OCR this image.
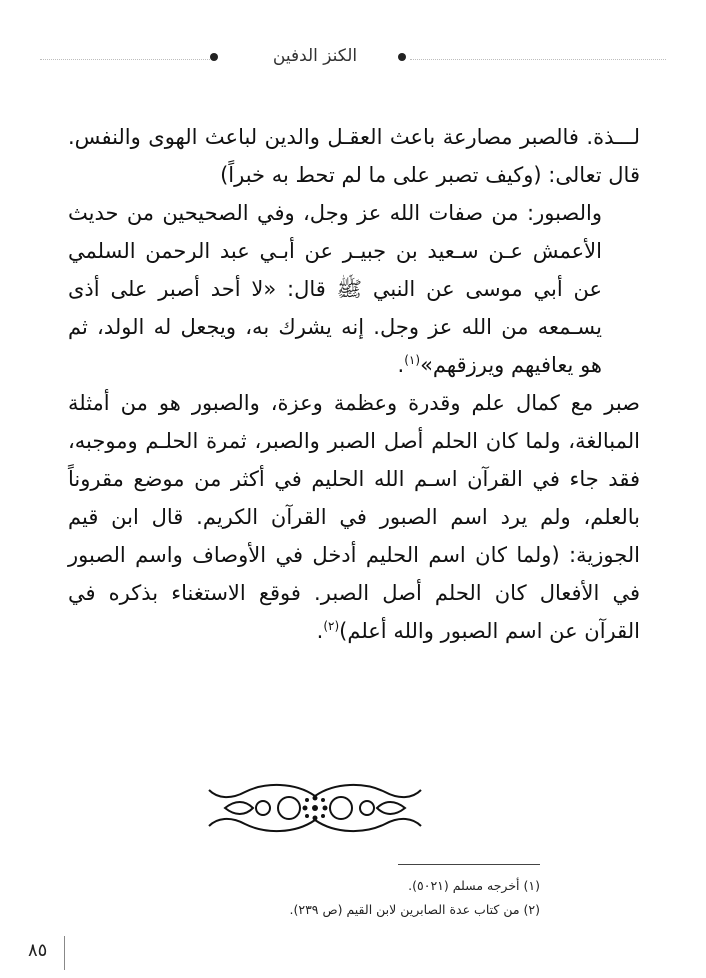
الكنز الدفين

لـــذة. فالصبر مصارعة باعث العقـل والدين لباعث الهوى والنفس. قال تعالى: (وكيف تصبر على ما لم تحط به خبراً)

والصبور: من صفات الله عز وجل، وفي الصحيحين من حديث الأعمش عـن سـعيد بن جبيـر عن أبـي عبد الرحمن السلمي عن أبي موسى عن النبي ﷺ قال: «لا أحد أصبر على أذى يسـمعه من الله عز وجل. إنه يشرك به، ويجعل له الولد، ثم هو يعافيهم ويرزقهم»$^{(١)}$.

صبر مع كمال علم وقدرة وعظمة وعزة، والصبور هو من أمثلة المبالغة، ولما كان الحلم أصل الصبر والصبر، ثمرة الحلـم وموجبه، فقد جاء في القرآن اسـم الله الحليم في أكثر من موضع مقروناً بالعلم، ولم يرد اسم الصبور في القرآن الكريم. قال ابن قيم الجوزية: (ولما كان اسم الحليم أدخل في الأوصاف واسم الصبور في الأفعال كان الحلم أصل الصبر. فوقع الاستغناء بذكره في القرآن عن اسم الصبور والله أعلم)$^{(٢)}$.

(١) أخرجه مسلم (٥٠٢١).
(٢) من كتاب عدة الصابرين لابن القيم (ص ٢٣٩).
٨٥
